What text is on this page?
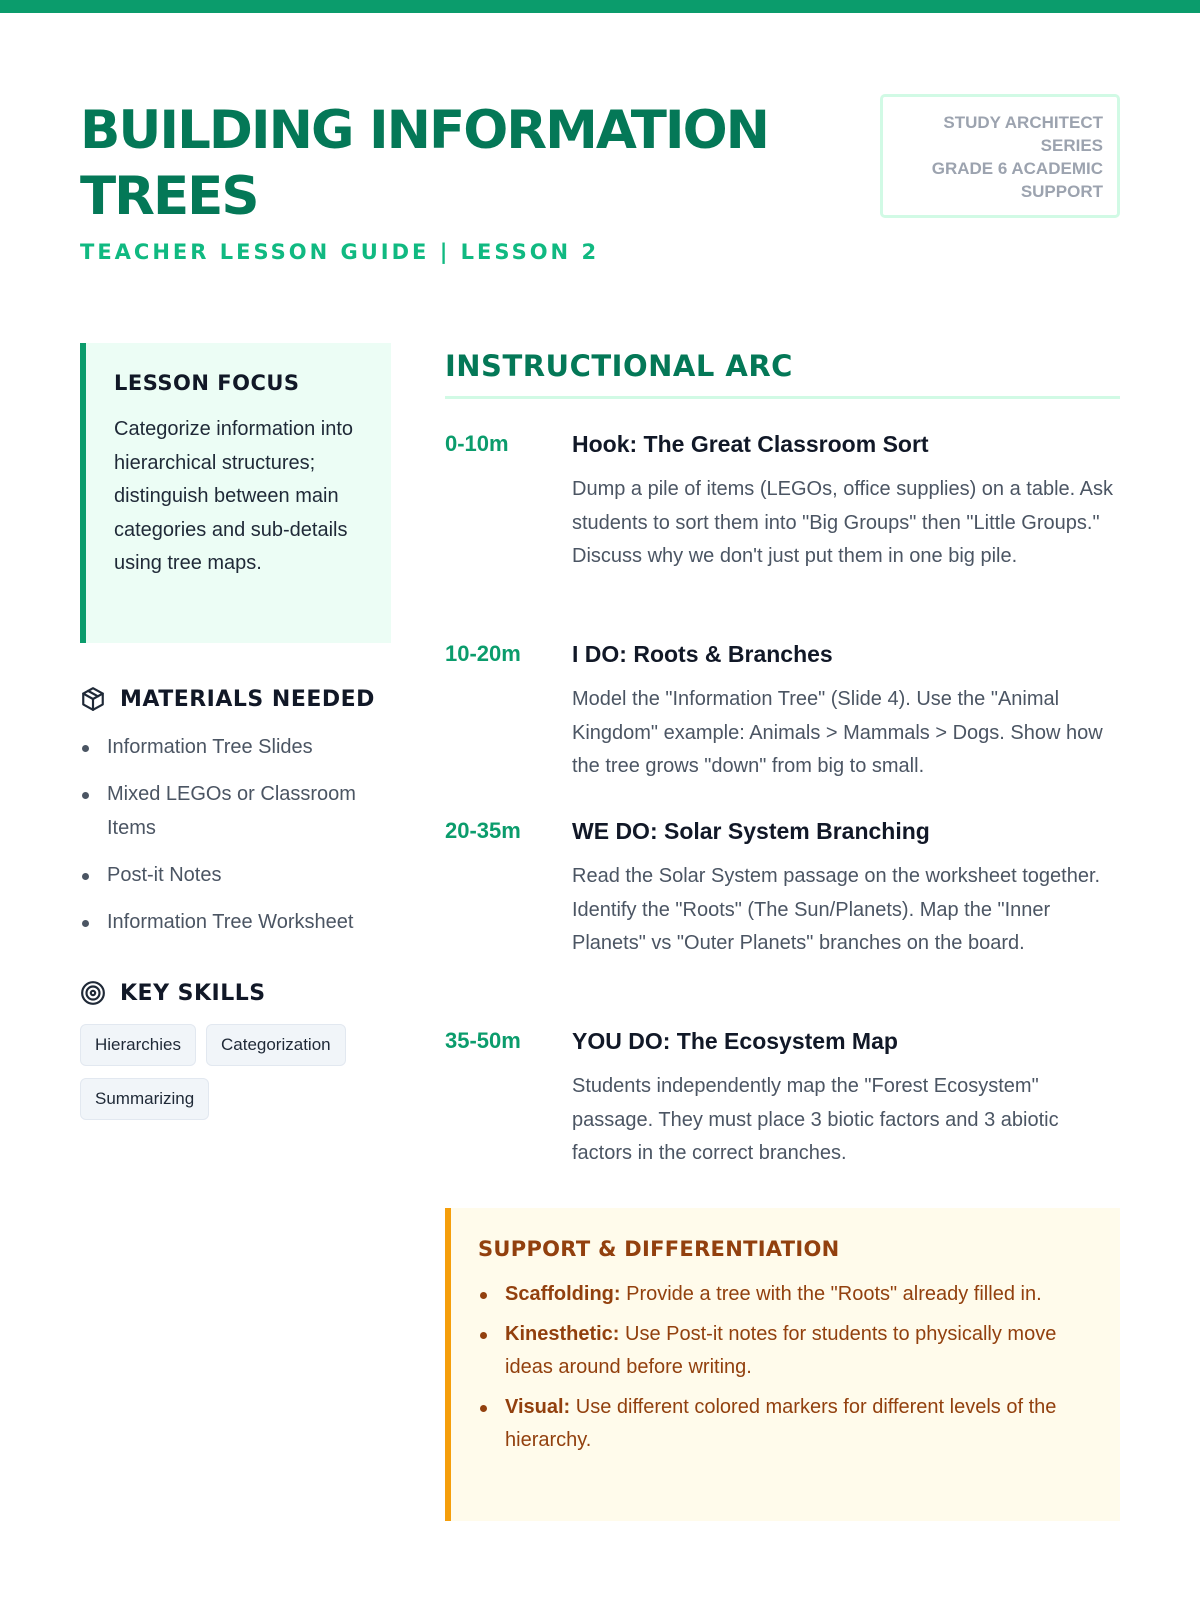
BUILDING INFORMATION TREES
TEACHER LESSON GUIDE | LESSON 2
STUDY ARCHITECT
SERIES
GRADE 6 ACADEMIC
SUPPORT
LESSON FOCUS
Categorize information into hierarchical structures; distinguish between main categories and sub-details using tree maps.
MATERIALS NEEDED
Information Tree Slides
Mixed LEGOs or Classroom Items
Post-it Notes
Information Tree Worksheet
KEY SKILLS
Hierarchies Categorization
Summarizing
INSTRUCTIONAL ARC
0-10m	Hook: The Great Classroom Sort
Dump a pile of items (LEGOs, office supplies) on a table. Ask students to sort them into "Big Groups" then "Little Groups." Discuss why we don't just put them in one big pile.
10-20m I DO: Roots & Branches
Model the "Information Tree" (Slide 4). Use the "Animal Kingdom" example: Animals > Mammals > Dogs. Show how the tree grows "down" from big to small.
20-35m WE DO: Solar System Branching
Read the Solar System passage on the worksheet together. Identify the "Roots" (The Sun/Planets). Map the "Inner Planets" vs "Outer Planets" branches on the board.
35-50m YOU DO: The Ecosystem Map
Students independently map the "Forest Ecosystem" passage. They must place 3 biotic factors and 3 abiotic factors in the correct branches.
SUPPORT & DIFFERENTIATION
Scaffolding: Provide a tree with the "Roots" already filled in.
Kinesthetic: Use Post-it notes for students to physically move ideas around before writing.
Visual: Use different colored markers for different levels of the hierarchy.
